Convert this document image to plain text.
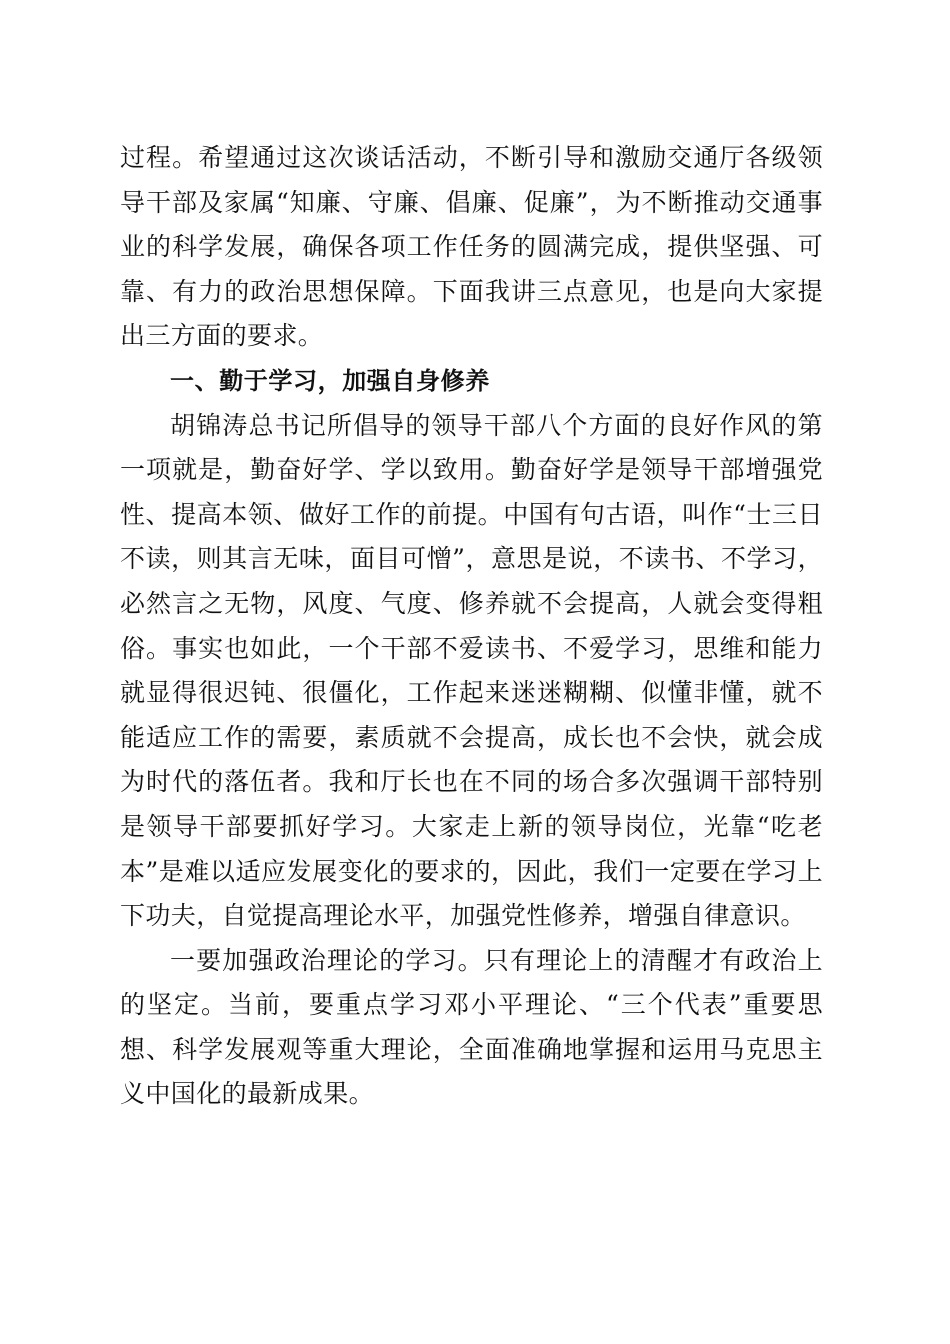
过程。希望通过这次谈话活动，不断引导和激励交通厅各级领导干部及家属“知廉、守廉、倡廉、促廉”，为不断推动交通事业的科学发展，确保各项工作任务的圆满完成，提供坚强、可靠、有力的政治思想保障。下面我讲三点意见，也是向大家提出三方面的要求。

一、勤于学习，加强自身修养

胡锦涛总书记所倡导的领导干部八个方面的良好作风的第一项就是，勤奋好学、学以致用。勤奋好学是领导干部增强党性、提高本领、做好工作的前提。中国有句古语，叫作“士三日不读，则其言无味，面目可憎”，意思是说，不读书、不学习，必然言之无物，风度、气度、修养就不会提高，人就会变得粗俗。事实也如此，一个干部不爱读书、不爱学习，思维和能力就显得很迟钝、很僵化，工作起来迷迷糊糊、似懂非懂，就不能适应工作的需要，素质就不会提高，成长也不会快，就会成为时代的落伍者。我和厅长也在不同的场合多次强调干部特别是领导干部要抓好学习。大家走上新的领导岗位，光靠“吃老本”是难以适应发展变化的要求的，因此，我们一定要在学习上下功夫，自觉提高理论水平，加强党性修养，增强自律意识。

一要加强政治理论的学习。只有理论上的清醒才有政治上的坚定。当前，要重点学习邓小平理论、“三个代表”重要思想、科学发展观等重大理论，全面准确地掌握和运用马克思主义中国化的最新成果。
